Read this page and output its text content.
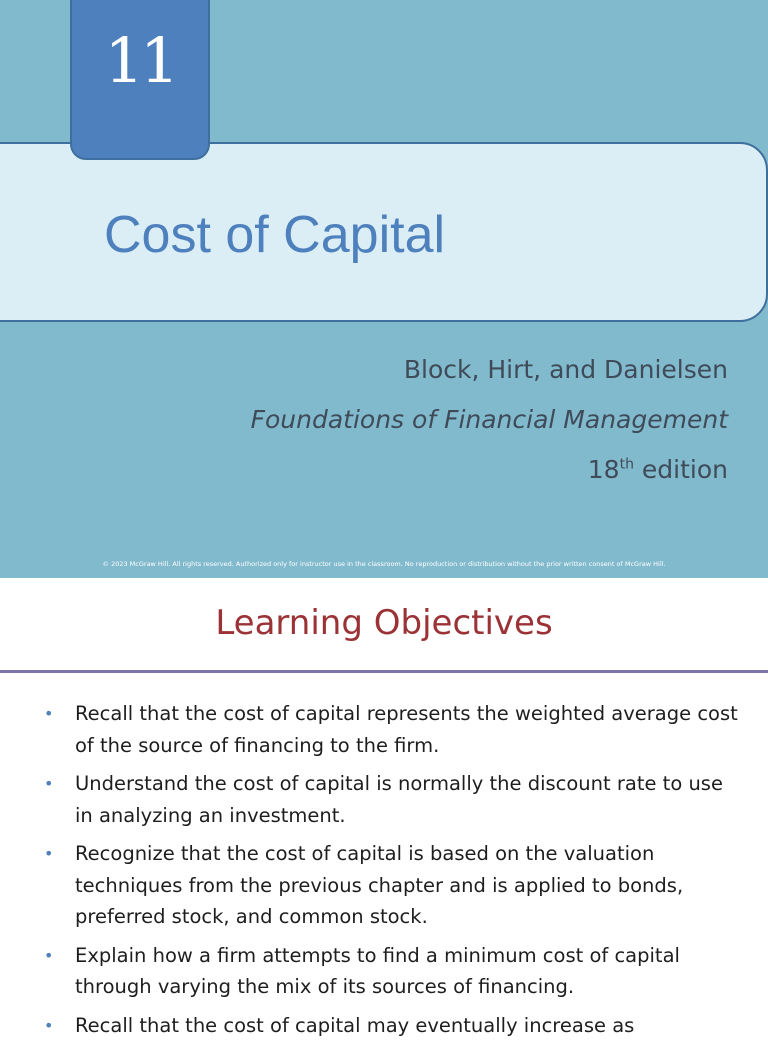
11
Cost of Capital

Block, Hirt, and Danielsen

Foundations of Financial Management

18th edition

© 2023 McGraw Hill. All rights reserved. Authorized only for instructor use in the classroom. No reproduction or distribution without the prior written consent of McGraw Hill.
Learning Objectives
• Recall that the cost of capital represents the weighted average cost of the source of financing to the firm.
• Understand the cost of capital is normally the discount rate to use in analyzing an investment.
• Recognize that the cost of capital is based on the valuation techniques from the previous chapter and is applied to bonds, preferred stock, and common stock.
• Explain how a firm attempts to find a minimum cost of capital through varying the mix of its sources of financing.
• Recall that the cost of capital may eventually increase as
